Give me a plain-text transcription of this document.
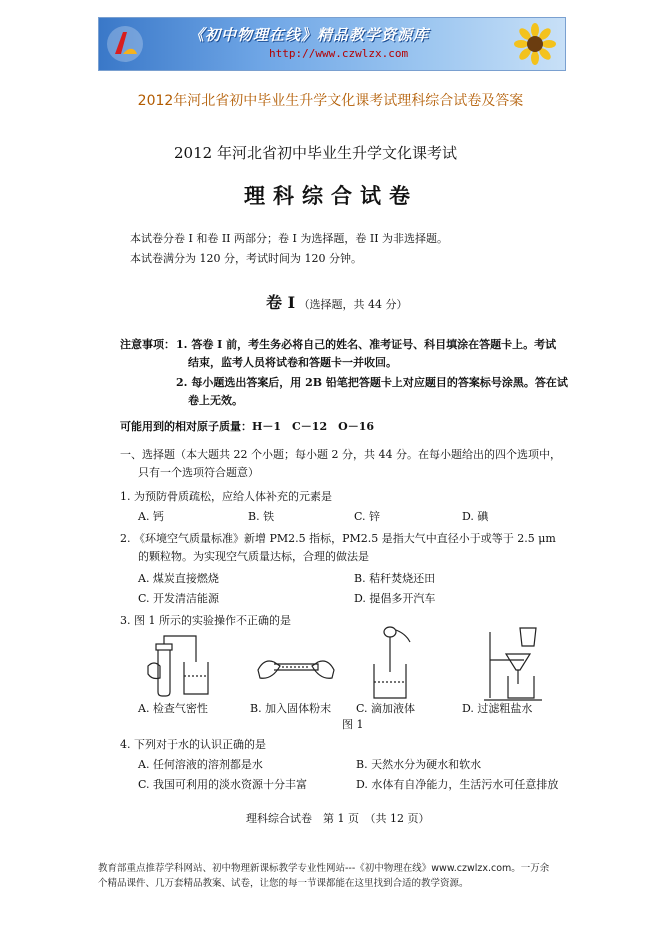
《初中物理在线》精品教学资源库
http://www.czwlzx.com
2012年河北省初中毕业生升学文化课考试理科综合试卷及答案
2012 年河北省初中毕业生升学文化课考试
理科综合试卷
本试卷分卷 I 和卷 II 两部分；卷 I 为选择题，卷 II 为非选择题。
本试卷满分为 120 分，考试时间为 120 分钟。
卷 I （选择题，共 44 分）
注意事项： 1. 答卷 I 前，考生务必将自己的姓名、准考证号、科目填涂在答题卡上。考试
结束，监考人员将试卷和答题卡一并收回。
2. 每小题选出答案后，用 2B 铅笔把答题卡上对应题目的答案标号涂黑。答在试
卷上无效。
可能用到的相对原子质量：H－1　C－12　O－16
一、选择题（本大题共 22 个小题；每小题 2 分，共 44 分。在每小题给出的四个选项中，
只有一个选项符合题意）
1. 为预防骨质疏松，应给人体补充的元素是
A. 钙	B. 铁	C. 锌	D. 碘
2. 《环境空气质量标准》新增 PM2.5 指标，PM2.5 是指大气中直径小于或等于 2.5 μm
的颗粒物。为实现空气质量达标，合理的做法是
A. 煤炭直接燃烧	B. 秸秆焚烧还田
C. 开发清洁能源	D. 提倡多开汽车
3. 图 1 所示的实验操作不正确的是
A. 检查气密性	B. 加入固体粉末 C. 滴加液体	D. 过滤粗盐水
图 1
4. 下列对于水的认识正确的是
A. 任何溶液的溶剂都是水	B. 天然水分为硬水和软水
C. 我国可利用的淡水资源十分丰富	D. 水体有自净能力，生活污水可任意排放
理科综合试卷　第 1 页　（共 12 页）
教育部重点推荐学科网站、初中物理新课标教学专业性网站---《初中物理在线》www.czwlzx.com。一万余
个精品课件、几万套精品教案、试卷，让您的每一节课都能在这里找到合适的教学资源。
